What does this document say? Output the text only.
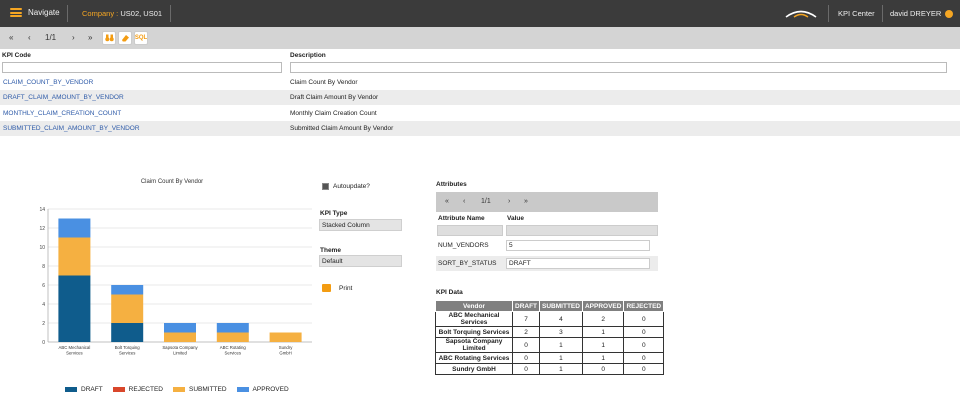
Navigate	Company : US02, US01	KPI Center david DREYER
« ‹ 1/1 › »	SQL
KPI Code	Description
CLAIM_COUNT_BY_VENDOR	Claim Count By Vendor
DRAFT_CLAIM_AMOUNT_BY_VENDOR	Draft Claim Amount By Vendor
MONTHLY_CLAIM_CREATION_COUNT	Monthly Claim Creation Count
SUBMITTED_CLAIM_AMOUNT_BY_VENDOR	Submitted Claim Amount By Vendor
Claim Count By Vendor
0
2
4
6
8
10
12
14
ABC Mechanical
Services
Bolt Torquing
Services
Sapsota Company
Limited
ABC Rotating
Services
Sundry
GmbH
DRAFT	REJECTED	SUBMITTED	APPROVED
Autoupdate?
KPI Type
Stacked Column
Theme
Default
Print
Attributes
« ‹ 1/1 › »
Attribute Name	Value
NUM_VENDORS	5
SORT_BY_STATUS	DRAFT
KPI Data
Vendor	DRAFT	SUBMITTED	APPROVED	REJECTED
ABC Mechanical Services	7	4	2	0
Bolt Torquing Services	2	3	1	0
Sapsota Company Limited	0	1	1	0
ABC Rotating Services	0	1	1	0
Sundry GmbH	0	1	0	0
